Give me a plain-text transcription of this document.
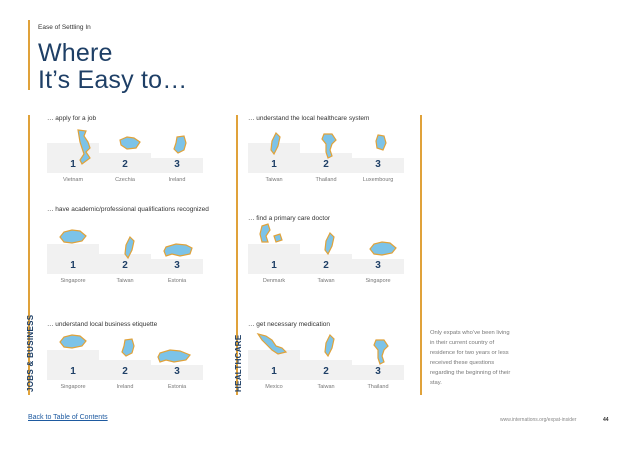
Ease of Settling In
Where
It’s Easy to…
JOBS & BUSINESS	HEALTHCARE
… apply for a job
1	2	3
Vietnam	Czechia	Ireland
… have academic/professional qualifications recognized
1	2	3
Singapore	Taiwan	Estonia
… understand local business etiquette
1	2	3
Singapore	Ireland	Estonia
… understand the local healthcare system
1	2	3
Taiwan	Thailand	Luxembourg
… find a primary care doctor
1	2	3
Denmark	Taiwan	Singapore
… get necessary medication
1	2	3
Mexico	Taiwan	Thailand
Only expats who’ve been living in their current country of residence for two years or less received these questions regarding the beginning of their stay.
Back to Table of Contents	www.internations.org/expat-insider	44
